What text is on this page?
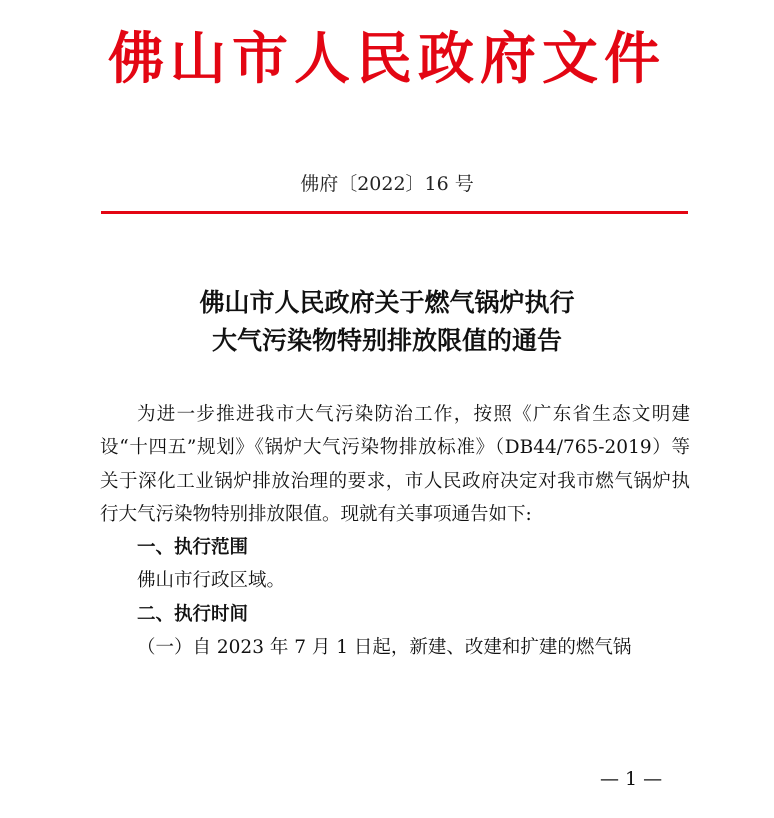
佛山市人民政府文件
佛府〔2022〕16 号
佛山市人民政府关于燃气锅炉执行
大气污染物特别排放限值的通告

为进一步推进我市大气污染防治工作，按照《广东省生态文明建设“十四五”规划》《锅炉大气污染物排放标准》（DB44/765-2019）等关于深化工业锅炉排放治理的要求，市人民政府决定对我市燃气锅炉执行大气污染物特别排放限值。现就有关事项通告如下:

一、执行范围

佛山市行政区域。

二、执行时间

（一）自 2023 年 7 月 1 日起，新建、改建和扩建的燃气锅

— 1 —
